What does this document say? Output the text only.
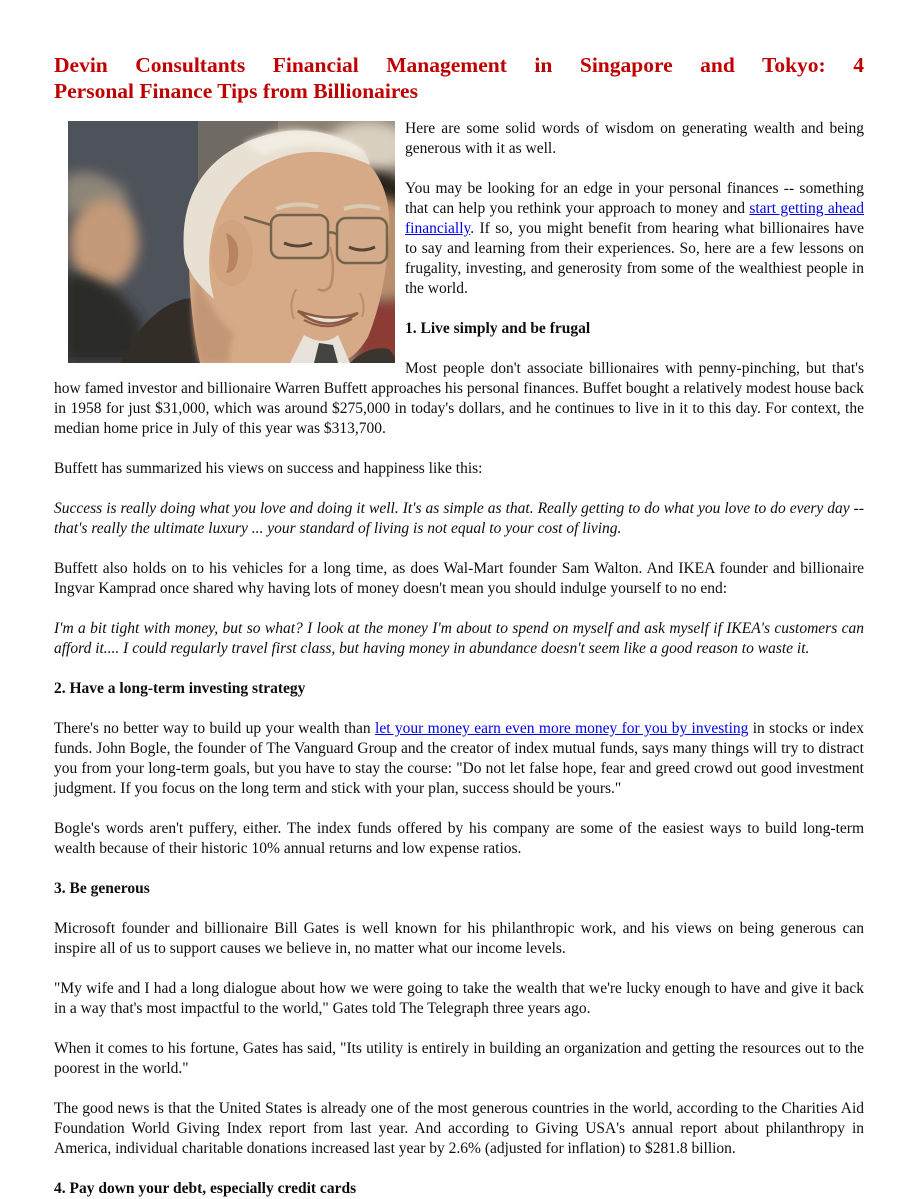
Devin Consultants Financial Management in Singapore and Tokyo: 4
Personal Finance Tips from Billionaires

Here are some solid words of wisdom on generating wealth and being generous with it as well.

You may be looking for an edge in your personal finances -- something that can help you rethink your approach to money and start getting ahead financially. If so, you might benefit from hearing what billionaires have to say and learning from their experiences. So, here are a few lessons on frugality, investing, and generosity from some of the wealthiest people in the world.

1. Live simply and be frugal

Most people don't associate billionaires with penny-pinching, but that's how famed investor and billionaire Warren Buffett approaches his personal finances. Buffet bought a relatively modest house back in 1958 for just $31,000, which was around $275,000 in today's dollars, and he continues to live in it to this day. For context, the median home price in July of this year was $313,700.

Buffett has summarized his views on success and happiness like this:

Success is really doing what you love and doing it well. It's as simple as that. Really getting to do what you love to do every day -- that's really the ultimate luxury ... your standard of living is not equal to your cost of living.

Buffett also holds on to his vehicles for a long time, as does Wal-Mart founder Sam Walton. And IKEA founder and billionaire Ingvar Kamprad once shared why having lots of money doesn't mean you should indulge yourself to no end:

I'm a bit tight with money, but so what? I look at the money I'm about to spend on myself and ask myself if IKEA's customers can afford it.... I could regularly travel first class, but having money in abundance doesn't seem like a good reason to waste it.

2. Have a long-term investing strategy

There's no better way to build up your wealth than let your money earn even more money for you by investing in stocks or index funds. John Bogle, the founder of The Vanguard Group and the creator of index mutual funds, says many things will try to distract you from your long-term goals, but you have to stay the course: "Do not let false hope, fear and greed crowd out good investment judgment. If you focus on the long term and stick with your plan, success should be yours."

Bogle's words aren't puffery, either. The index funds offered by his company are some of the easiest ways to build long-term wealth because of their historic 10% annual returns and low expense ratios.

3. Be generous

Microsoft founder and billionaire Bill Gates is well known for his philanthropic work, and his views on being generous can inspire all of us to support causes we believe in, no matter what our income levels.

"My wife and I had a long dialogue about how we were going to take the wealth that we're lucky enough to have and give it back in a way that's most impactful to the world," Gates told The Telegraph three years ago.

When it comes to his fortune, Gates has said, "Its utility is entirely in building an organization and getting the resources out to the poorest in the world."

The good news is that the United States is already one of the most generous countries in the world, according to the Charities Aid Foundation World Giving Index report from last year. And according to Giving USA's annual report about philanthropy in America, individual charitable donations increased last year by 2.6% (adjusted for inflation) to $281.8 billion.

4. Pay down your debt, especially credit cards
